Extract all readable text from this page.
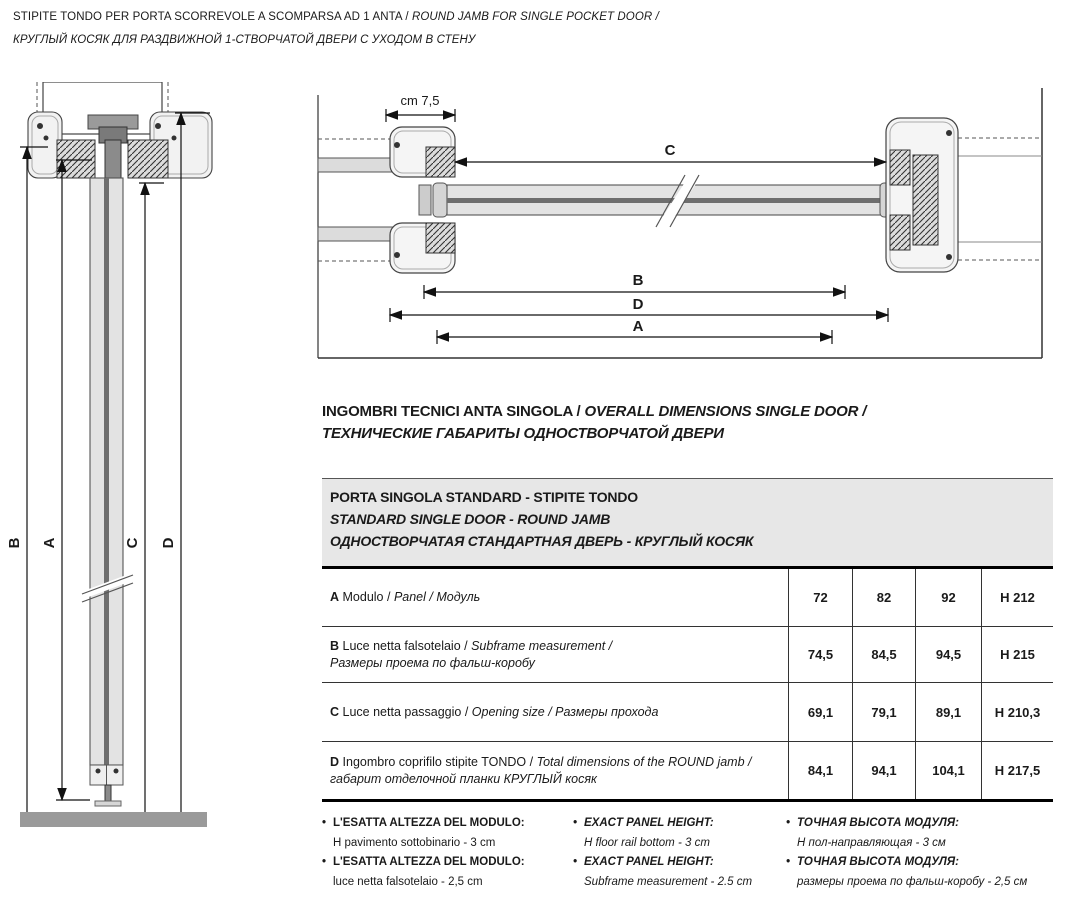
STIPITE TONDO PER PORTA SCORREVOLE A SCOMPARSA AD 1 ANTA / ROUND JAMB FOR SINGLE POCKET DOOR /
КРУГЛЫЙ КОСЯК ДЛЯ РАЗДВИЖНОЙ 1-СТВОРЧАТОЙ ДВЕРИ С УХОДОМ В СТЕНУ
B A	C D
cm 7,5
C
B
D
A
INGOMBRI TECNICI ANTA SINGOLA / OVERALL DIMENSIONS SINGLE DOOR /
ТЕХНИЧЕСКИЕ ГАБАРИТЫ ОДНОСТВОРЧАТОЙ ДВЕРИ
PORTA SINGOLA STANDARD - STIPITE TONDO
STANDARD SINGLE DOOR - ROUND JAMB
ОДНОСТВОРЧАТАЯ СТАНДАРТНАЯ ДВЕРЬ - КРУГЛЫЙ КОСЯК
A Modulo / Panel / Модуль	72	82	92	H 212
B Luce netta falsotelaio / Subframe measurement /
Размеры проема по фальш-коробу
74,5	84,5	94,5	H 215
C Luce netta passaggio / Opening size / Размеры прохода	69,1	79,1	89,1	H 210,3
D Ingombro coprifilo stipite TONDO / Total dimensions of the ROUND jamb /
габарит отделочной планки КРУГЛЫЙ косяк
84,1	94,1	104,1	H 217,5
• L'ESATTA ALTEZZA DEL MODULO:
H pavimento sottobinario - 3 cm
• L'ESATTA ALTEZZA DEL MODULO:
luce netta falsotelaio - 2,5 cm
• EXACT PANEL HEIGHT:
H floor rail bottom - 3 cm
• EXACT PANEL HEIGHT:
Subframe measurement - 2.5 cm
• ТОЧНАЯ ВЫСОТА МОДУЛЯ:
Н пол-направляющая - 3 см
• ТОЧНАЯ ВЫСОТА МОДУЛЯ:
размеры проема по фальш-коробу - 2,5 см
